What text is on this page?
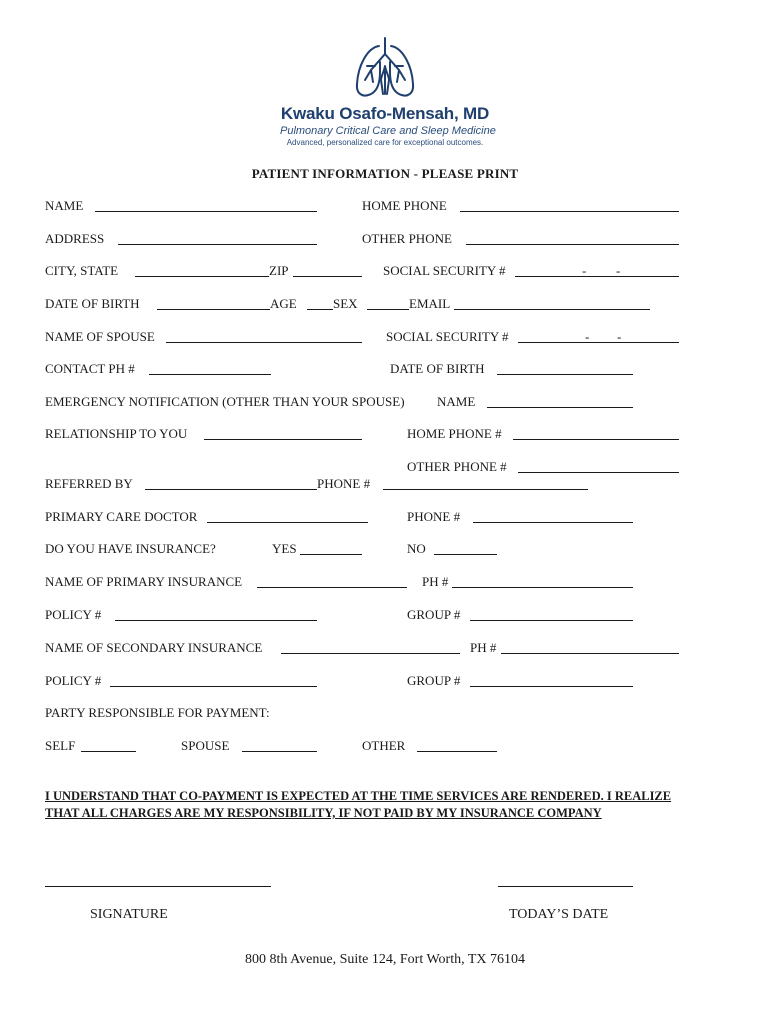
Kwaku Osafo-Mensah, MD
Pulmonary Critical Care and Sleep Medicine
Advanced, personalized care for exceptional outcomes.
PATIENT INFORMATION - PLEASE PRINT
NAME	HOME PHONE
ADDRESS	OTHER PHONE
CITY, STATE	ZIP	SOCIAL SECURITY #	- -
DATE OF BIRTH	AGE	SEX	EMAIL
NAME OF SPOUSE	SOCIAL SECURITY #	- -
CONTACT PH #	DATE OF BIRTH
EMERGENCY NOTIFICATION (OTHER THAN YOUR SPOUSE) NAME
RELATIONSHIP TO YOU	HOME PHONE #
OTHER PHONE #
REFERRED BY	PHONE #
PRIMARY CARE DOCTOR	PHONE #
DO YOU HAVE INSURANCE?	YES	NO
NAME OF PRIMARY INSURANCE	PH #
POLICY #	GROUP #
NAME OF SECONDARY INSURANCE	PH #
POLICY #	GROUP #
PARTY RESPONSIBLE FOR PAYMENT:
SELF	SPOUSE	OTHER
I UNDERSTAND THAT CO-PAYMENT IS EXPECTED AT THE TIME SERVICES ARE RENDERED. I REALIZE THAT ALL CHARGES ARE MY RESPONSIBILITY, IF NOT PAID BY MY INSURANCE COMPANY
SIGNATURE	TODAY’S DATE
800 8th Avenue, Suite 124, Fort Worth, TX 76104
